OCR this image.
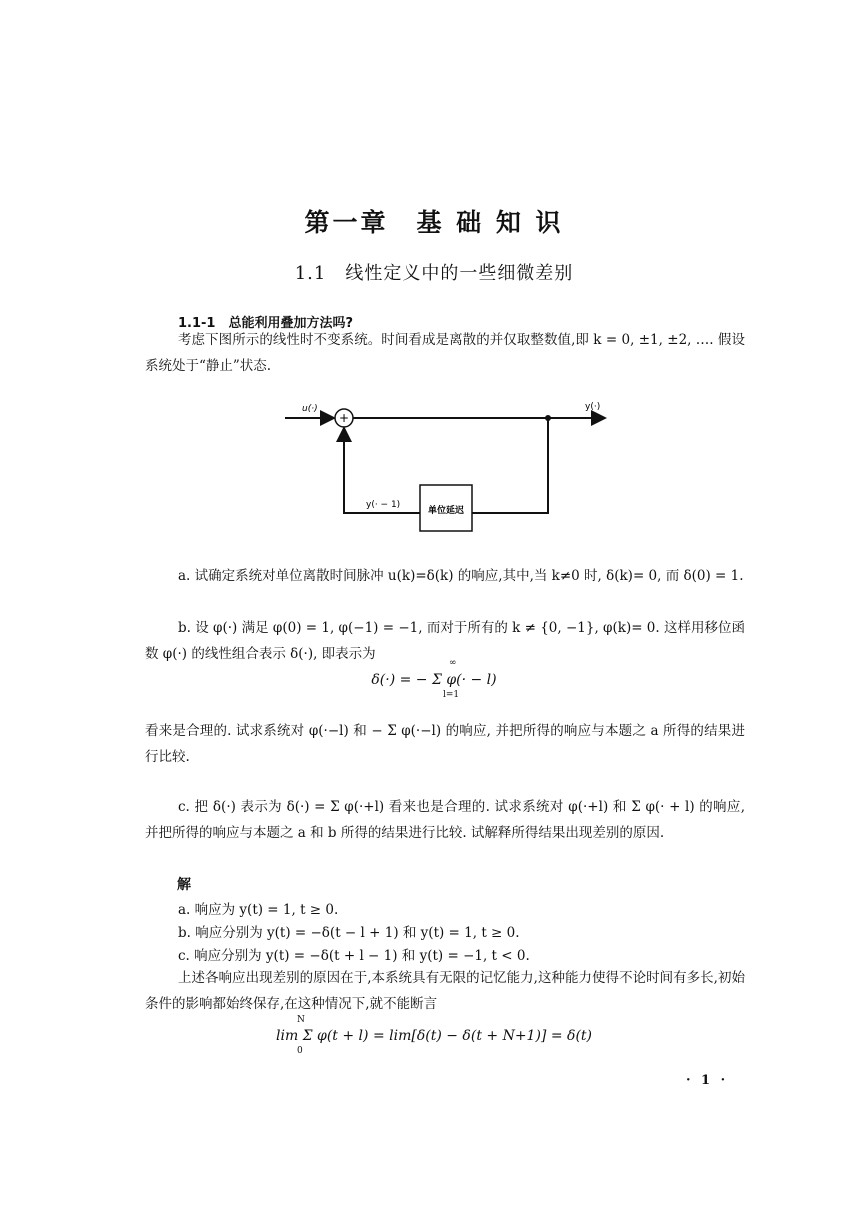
第一章　基 础 知 识
1.1　线性定义中的一些细微差别
1.1-1　总能利用叠加方法吗?
考虑下图所示的线性时不变系统。时间看成是离散的并仅取整数值,即 k = 0, ±1, ±2, …. 假设系统处于“静止”状态.
+
单位延迟
u(·)	y(·)
y(· − 1)
a. 试确定系统对单位离散时间脉冲 u(k)=δ(k) 的响应,其中,当 k≠0 时, δ(k)= 0, 而 δ(0) = 1.
b. 设 φ(·) 满足 φ(0) = 1, φ(−1) = −1, 而对于所有的 k ≠ {0, −1}, φ(k)= 0. 这样用移位函数 φ(·) 的线性组合表示 δ(·), 即表示为
∞
δ(·) = − Σ φ(· − l)
l=1
看来是合理的. 试求系统对 φ(·−l) 和 − Σ φ(·−l) 的响应, 并把所得的响应与本题之 a 所得的结果进行比较.
c. 把 δ(·) 表示为 δ(·) = Σ φ(·+l) 看来也是合理的. 试求系统对 φ(·+l) 和 Σ φ(· + l) 的响应, 并把所得的响应与本题之 a 和 b 所得的结果进行比较. 试解释所得结果出现差别的原因.
解
a. 响应为 y(t) = 1, t ≥ 0.
b. 响应分别为 y(t) = −δ(t − l + 1) 和 y(t) = 1, t ≥ 0.
c. 响应分别为 y(t) = −δ(t + l − 1) 和 y(t) = −1, t < 0.
上述各响应出现差别的原因在于,本系统具有无限的记忆能力,这种能力使得不论时间有多长,初始条件的影响都始终保存,在这种情况下,就不能断言
N
lim Σ φ(t + l) = lim[δ(t) − δ(t + N+1)] = δ(t)
0
· 1 ·
